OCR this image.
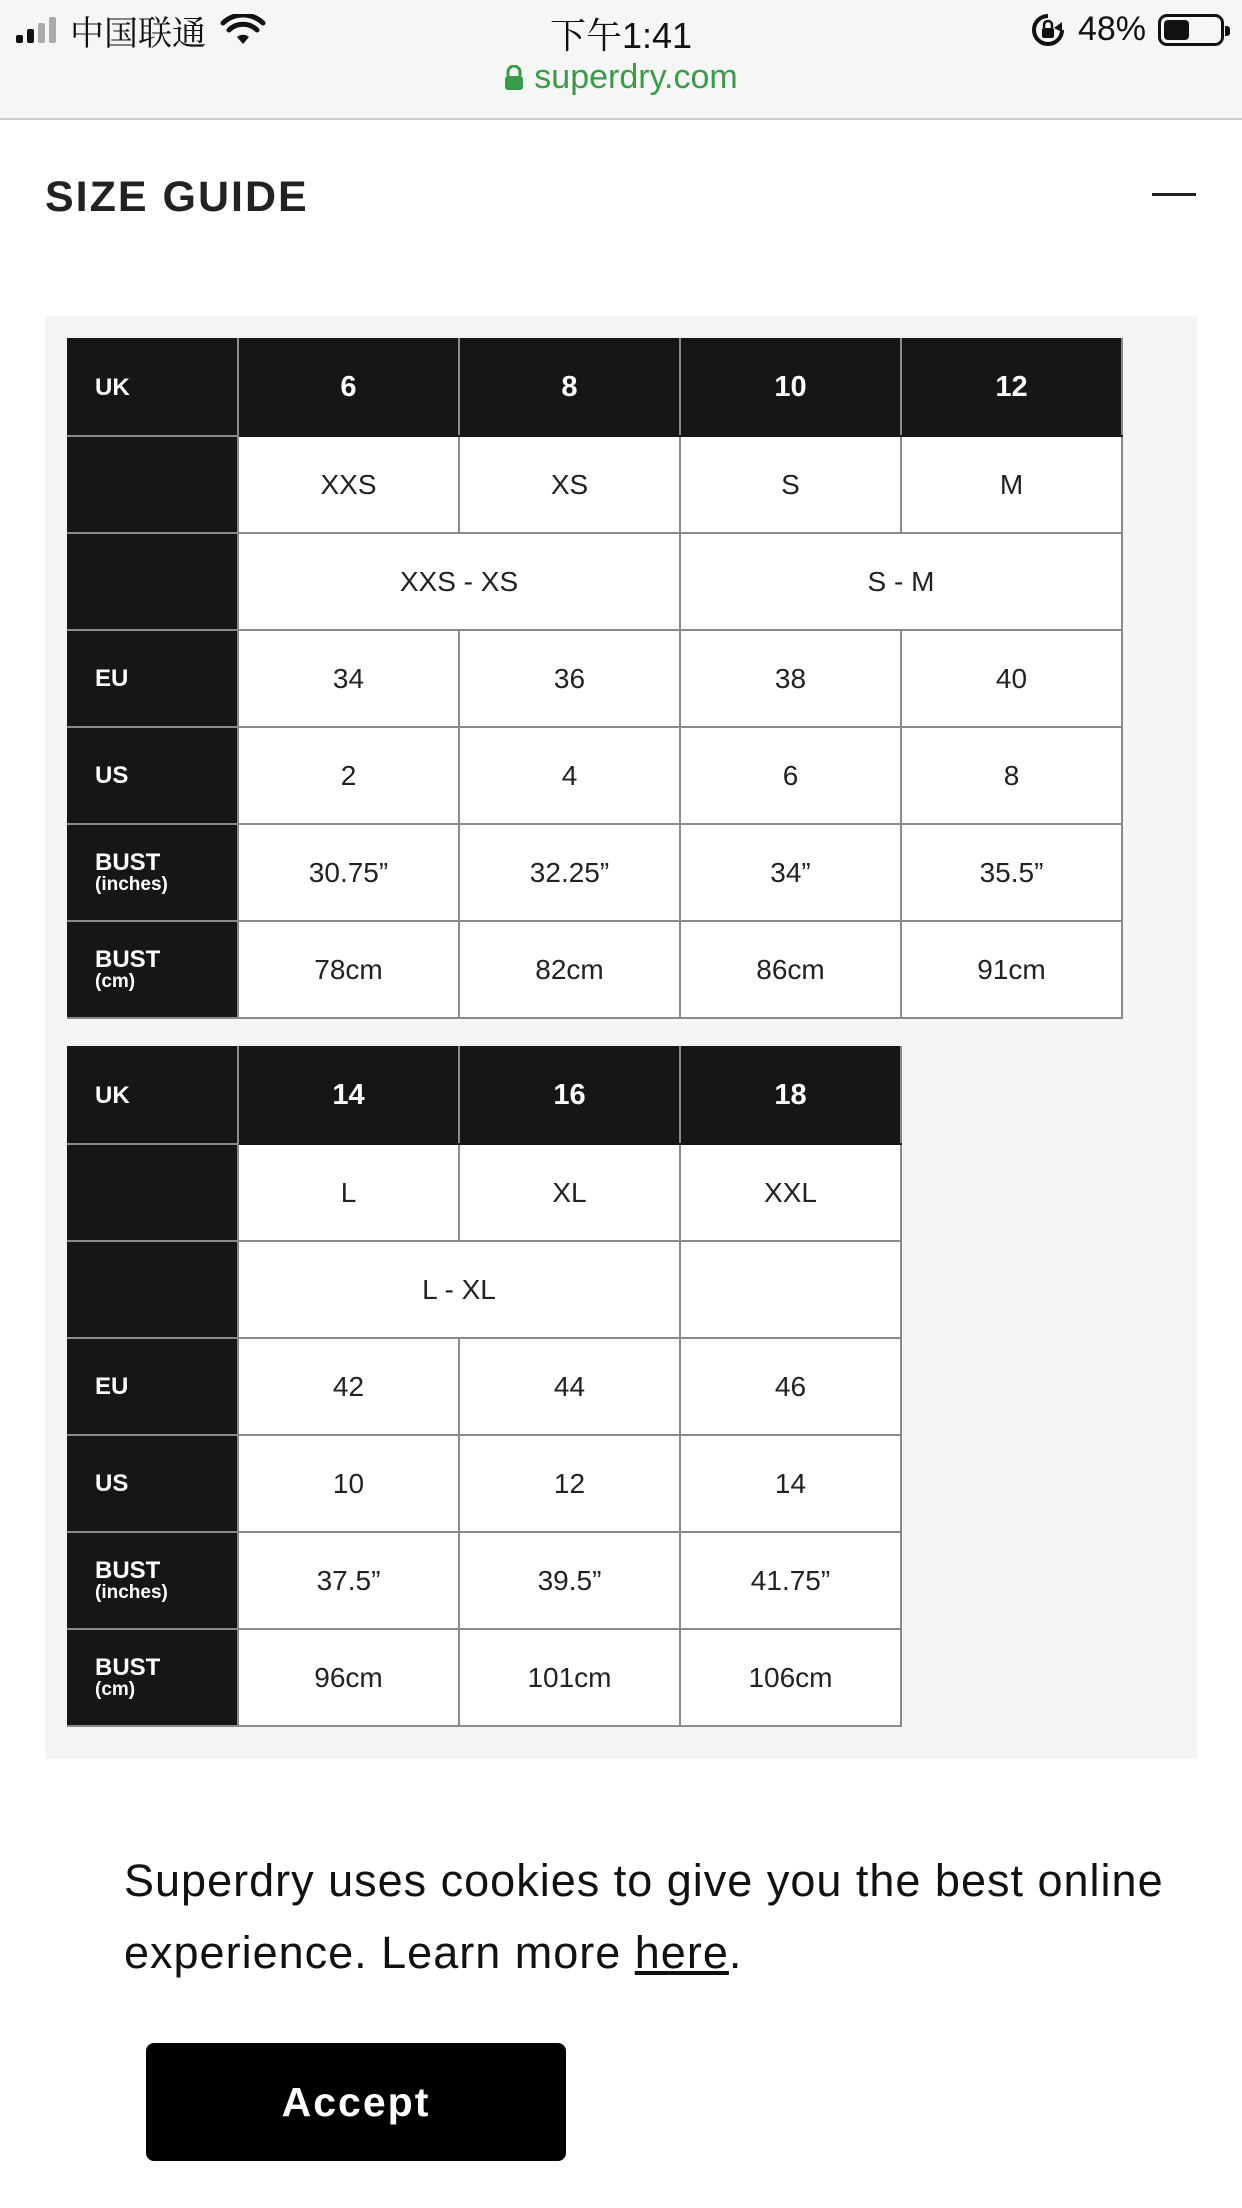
中国联通	下午1:41	48%
superdry.com
SIZE GUIDE
UK	6	8	10	12
	XXS	XS	S	M
	XXS - XS		S - M	
EU	34	36	38	40
US	2	4	6	8
BUST
(inches)	30.75”	32.25”	34”	35.5”
BUST
(cm)	78cm	82cm	86cm	91cm
UK	14	16	18
	L	XL	XXL
	L - XL		
EU	42	44	46
US	10	12	14
BUST
(inches)	37.5”	39.5”	41.75”
BUST
(cm)	96cm	101cm	106cm
Superdry uses cookies to give you the best online experience. Learn more here.
Accept
